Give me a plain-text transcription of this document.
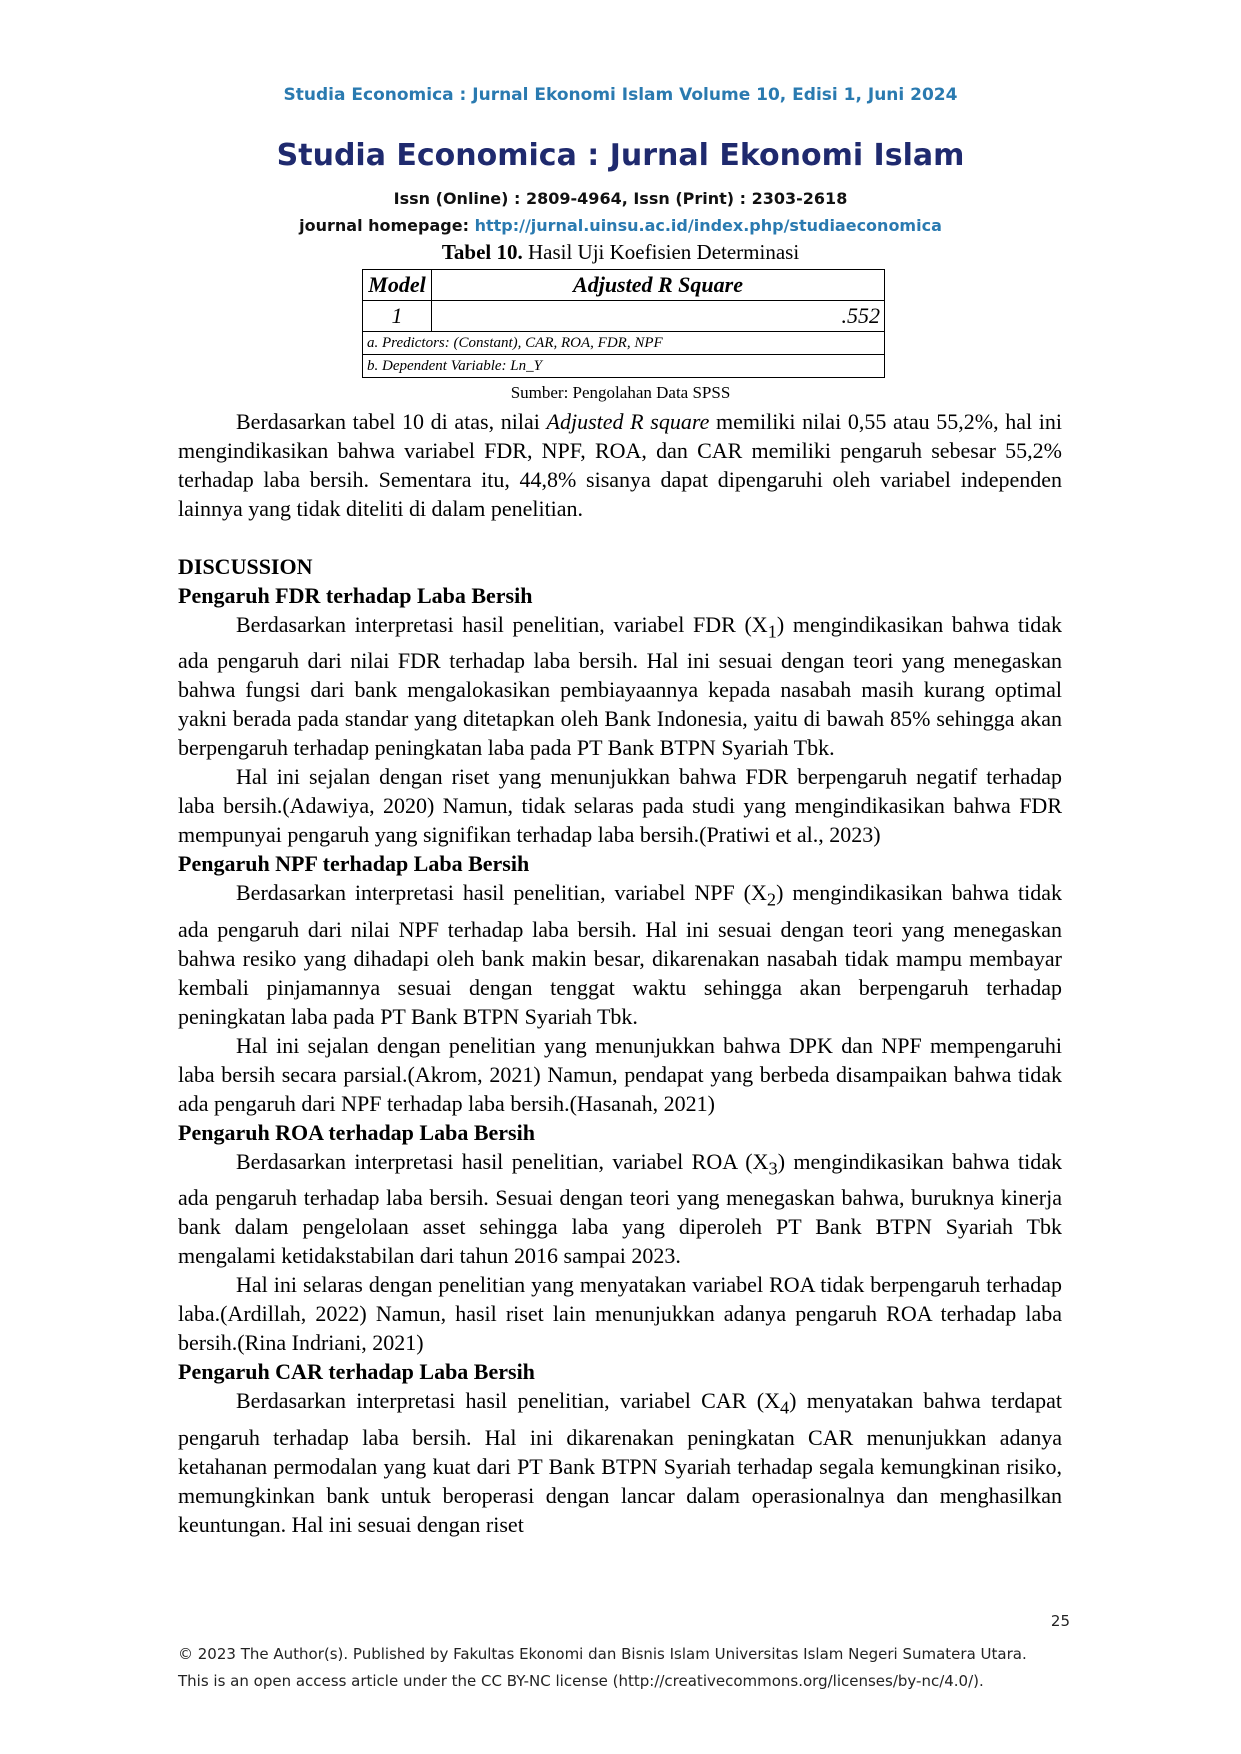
Studia Economica : Jurnal Ekonomi Islam Volume 10, Edisi 1, Juni 2024
Studia Economica : Jurnal Ekonomi Islam
Issn (Online) : 2809-4964, Issn (Print) : 2303-2618
journal homepage: http://jurnal.uinsu.ac.id/index.php/studiaeconomica
Tabel 10. Hasil Uji Koefisien Determinasi
Model	Adjusted R Square
1	.552
a. Predictors: (Constant), CAR, ROA, FDR, NPF	
b. Dependent Variable: Ln_Y	
Sumber: Pengolahan Data SPSS

Berdasarkan tabel 10 di atas, nilai Adjusted R square memiliki nilai 0,55 atau 55,2%, hal ini mengindikasikan bahwa variabel FDR, NPF, ROA, dan CAR memiliki pengaruh sebesar 55,2% terhadap laba bersih. Sementara itu, 44,8% sisanya dapat dipengaruhi oleh variabel independen lainnya yang tidak diteliti di dalam penelitian.

DISCUSSION
Pengaruh FDR terhadap Laba Bersih

Berdasarkan interpretasi hasil penelitian, variabel FDR $(X_1)$ mengindikasikan bahwa tidak ada pengaruh dari nilai FDR terhadap laba bersih. Hal ini sesuai dengan teori yang menegaskan bahwa fungsi dari bank mengalokasikan pembiayaannya kepada nasabah masih kurang optimal yakni berada pada standar yang ditetapkan oleh Bank Indonesia, yaitu di bawah 85% sehingga akan berpengaruh terhadap peningkatan laba pada PT Bank BTPN Syariah Tbk.

Hal ini sejalan dengan riset yang menunjukkan bahwa FDR berpengaruh negatif terhadap laba bersih.(Adawiya, 2020) Namun, tidak selaras pada studi yang mengindikasikan bahwa FDR mempunyai pengaruh yang signifikan terhadap laba bersih.(Pratiwi et al., 2023)

Pengaruh NPF terhadap Laba Bersih

Berdasarkan interpretasi hasil penelitian, variabel NPF $(X_2)$ mengindikasikan bahwa tidak ada pengaruh dari nilai NPF terhadap laba bersih. Hal ini sesuai dengan teori yang menegaskan bahwa resiko yang dihadapi oleh bank makin besar, dikarenakan nasabah tidak mampu membayar kembali pinjamannya sesuai dengan tenggat waktu sehingga akan berpengaruh terhadap peningkatan laba pada PT Bank BTPN Syariah Tbk.

Hal ini sejalan dengan penelitian yang menunjukkan bahwa DPK dan NPF mempengaruhi laba bersih secara parsial.(Akrom, 2021) Namun, pendapat yang berbeda disampaikan bahwa tidak ada pengaruh dari NPF terhadap laba bersih.(Hasanah, 2021)

Pengaruh ROA terhadap Laba Bersih

Berdasarkan interpretasi hasil penelitian, variabel ROA $(X_3)$ mengindikasikan bahwa tidak ada pengaruh terhadap laba bersih. Sesuai dengan teori yang menegaskan bahwa, buruknya kinerja bank dalam pengelolaan asset sehingga laba yang diperoleh PT Bank BTPN Syariah Tbk mengalami ketidakstabilan dari tahun 2016 sampai 2023.

Hal ini selaras dengan penelitian yang menyatakan variabel ROA tidak berpengaruh terhadap laba.(Ardillah, 2022) Namun, hasil riset lain menunjukkan adanya pengaruh ROA terhadap laba bersih.(Rina Indriani, 2021)

Pengaruh CAR terhadap Laba Bersih

Berdasarkan interpretasi hasil penelitian, variabel CAR $(X_4)$ menyatakan bahwa terdapat pengaruh terhadap laba bersih. Hal ini dikarenakan peningkatan CAR menunjukkan adanya ketahanan permodalan yang kuat dari PT Bank BTPN Syariah terhadap segala kemungkinan risiko, memungkinkan bank untuk beroperasi dengan lancar dalam operasionalnya dan menghasilkan keuntungan. Hal ini sesuai dengan riset

25
© 2023 The Author(s). Published by Fakultas Ekonomi dan Bisnis Islam Universitas Islam Negeri Sumatera Utara.
This is an open access article under the CC BY-NC license (http://creativecommons.org/licenses/by-nc/4.0/).
